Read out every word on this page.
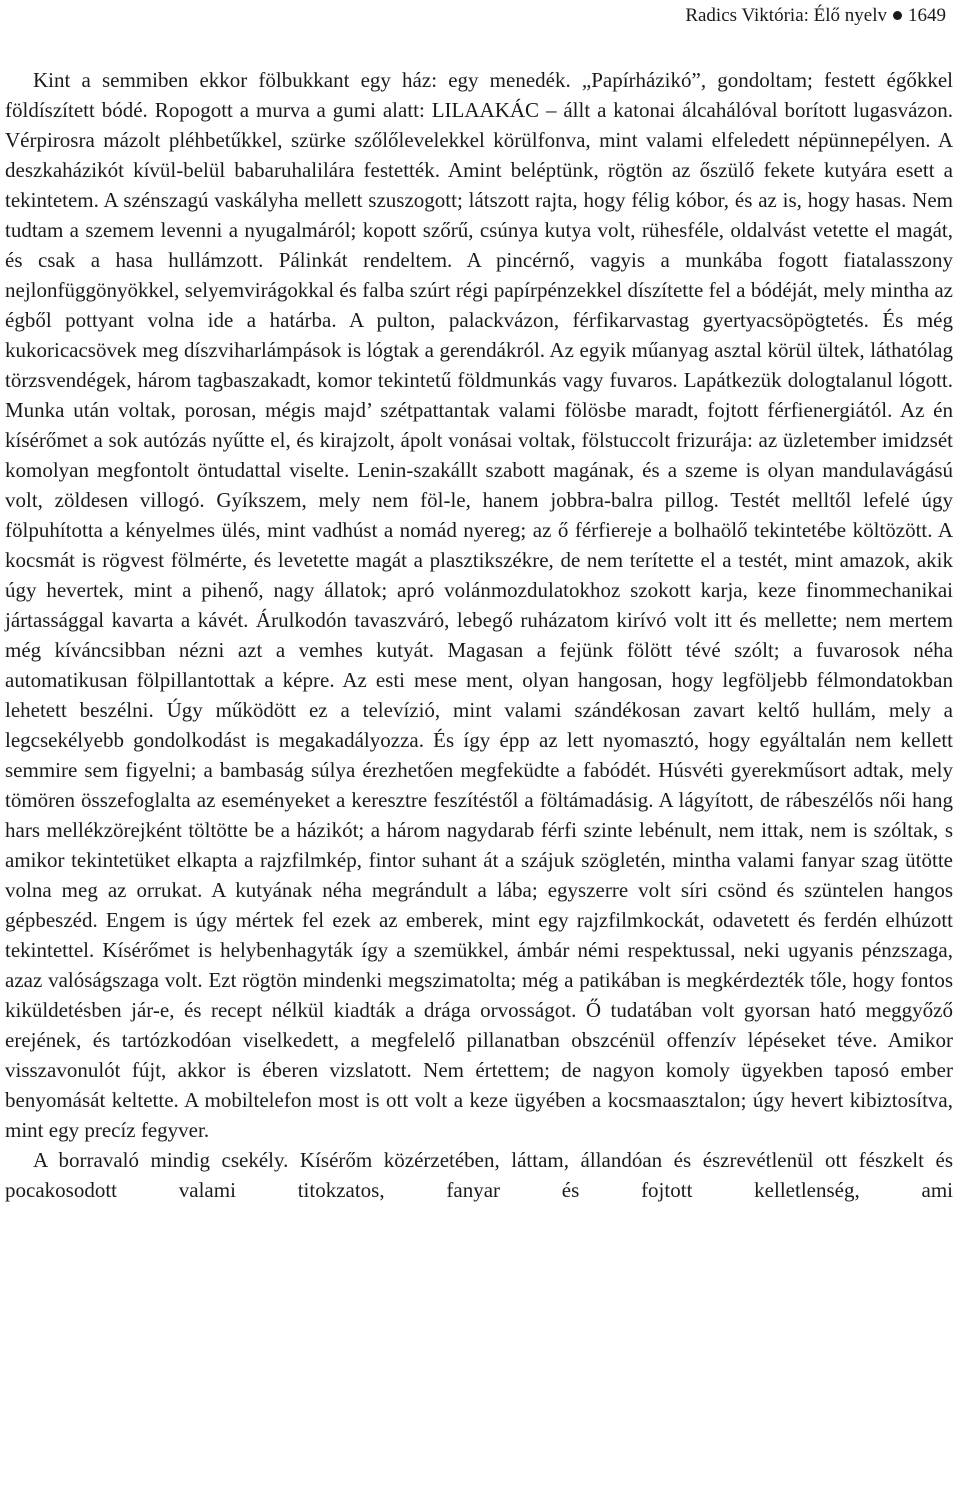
Radics Viktória: Élő nyelv 1649

Kint a semmiben ekkor fölbukkant egy ház: egy menedék. „Papírházikó”, gondoltam; festett égőkkel földíszített bódé. Ropogott a murva a gumi alatt: LILAAKÁC – állt a katonai álcahálóval borított lugasvázon. Vérpirosra mázolt pléhbetűkkel, szürke szőlőlevelekkel körülfonva, mint valami elfeledett népünnepélyen. A deszkaházikót kívül-belül babaruhalilára festették. Amint beléptünk, rögtön az őszülő fekete kutyára esett a tekintetem. A szénszagú vaskályha mellett szuszogott; látszott rajta, hogy félig kóbor, és az is, hogy hasas. Nem tudtam a szemem levenni a nyugalmáról; kopott szőrű, csúnya kutya volt, rühesféle, oldalvást vetette el magát, és csak a hasa hullámzott. Pálinkát rendeltem. A pincérnő, vagyis a munkába fogott fiatalasszony nejlonfüggönyökkel, selyemvirágokkal és falba szúrt régi papírpénzekkel díszítette fel a bódéját, mely mintha az égből pottyant volna ide a határba. A pulton, palackvázon, férfikarvastag gyertyacsöpögtetés. És még kukoricacsövek meg díszviharlámpások is lógtak a gerendákról. Az egyik műanyag asztal körül ültek, láthatólag törzsvendégek, három tagbaszakadt, komor tekintetű földmunkás vagy fuvaros. Lapátkezük dologtalanul lógott. Munka után voltak, porosan, mégis majd’ szétpattantak valami fölösbe maradt, fojtott férfienergiától. Az én kísérőmet a sok autózás nyűtte el, és kirajzolt, ápolt vonásai voltak, fölstuccolt frizurája: az üzletember imidzsét komolyan megfontolt öntudattal viselte. Lenin-szakállt szabott magának, és a szeme is olyan mandulavágású volt, zöldesen villogó. Gyíkszem, mely nem föl-le, hanem jobbra-balra pillog. Testét melltől lefelé úgy fölpuhította a kényelmes ülés, mint vadhúst a nomád nyereg; az ő férfiereje a bolhaölő tekintetébe költözött. A kocsmát is rögvest fölmérte, és levetette magát a plasztikszékre, de nem terítette el a testét, mint amazok, akik úgy hevertek, mint a pihenő, nagy állatok; apró volánmozdulatokhoz szokott karja, keze finommechanikai jártassággal kavarta a kávét. Árulkodón tavaszváró, lebegő ruházatom kirívó volt itt és mellette; nem mertem még kíváncsibban nézni azt a vemhes kutyát. Magasan a fejünk fölött tévé szólt; a fuvarosok néha automatikusan fölpillantottak a képre. Az esti mese ment, olyan hangosan, hogy legföljebb félmondatokban lehetett beszélni. Úgy működött ez a televízió, mint valami szándékosan zavart keltő hullám, mely a legcsekélyebb gondolkodást is megakadályozza. És így épp az lett nyomasztó, hogy egyáltalán nem kellett semmire sem figyelni; a bambaság súlya érezhetően megfeküdte a fabódét. Húsvéti gyerekműsort adtak, mely tömören összefoglalta az eseményeket a keresztre feszítéstől a föltámadásig. A lágyított, de rábeszélős női hang hars mellékzörejként töltötte be a házikót; a három nagydarab férfi szinte lebénult, nem ittak, nem is szóltak, s amikor tekintetüket elkapta a rajzfilmkép, fintor suhant át a szájuk szögletén, mintha valami fanyar szag ütötte volna meg az orrukat. A kutyának néha megrándult a lába; egyszerre volt síri csönd és szüntelen hangos gépbeszéd. Engem is úgy mértek fel ezek az emberek, mint egy rajzfilmkockát, odavetett és ferdén elhúzott tekintettel. Kísérőmet is helybenhagyták így a szemükkel, ámbár némi respektussal, neki ugyanis pénzszaga, azaz valóságszaga volt. Ezt rögtön mindenki megszimatolta; még a patikában is megkérdezték tőle, hogy fontos kiküldetésben jár-e, és recept nélkül kiadták a drága orvosságot. Ő tudatában volt gyorsan ható meggyőző erejének, és tartózkodóan viselkedett, a megfelelő pillanatban obszcénül offenzív lépéseket téve. Amikor visszavonulót fújt, akkor is éberen vizslatott. Nem értettem; de nagyon komoly ügyekben taposó ember benyomását keltette. A mobiltelefon most is ott volt a keze ügyében a kocsmaasztalon; úgy hevert kibiztosítva, mint egy precíz fegyver.

A borravaló mindig csekély. Kísérőm közérzetében, láttam, állandóan és észrevétlenül ott fészkelt és pocakosodott valami titokzatos, fanyar és fojtott kelletlenség, ami
